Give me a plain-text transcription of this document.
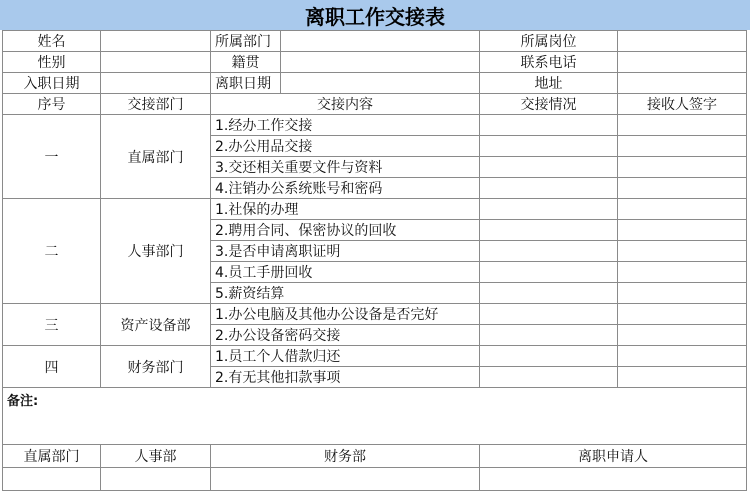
离职工作交接表
姓名		所属部门		所属岗位	
性别		籍贯		联系电话	
入职日期		离职日期		地址	
序号	交接部门	交接内容		交接情况	接收人签字
一	直属部门	1.经办工作交接			
		2.办公用品交接			
		3.交还相关重要文件与资料			
		4.注销办公系统账号和密码			
二	人事部门	1.社保的办理			
		2.聘用合同、保密协议的回收			
		3.是否申请离职证明			
		4.员工手册回收			
		5.薪资结算			
三	资产设备部	1.办公电脑及其他办公设备是否完好			
		2.办公设备密码交接			
四	财务部门	1.员工个人借款归还			
		2.有无其他扣款事项			
备注:					
直属部门	人事部	财务部		离职申请人	
